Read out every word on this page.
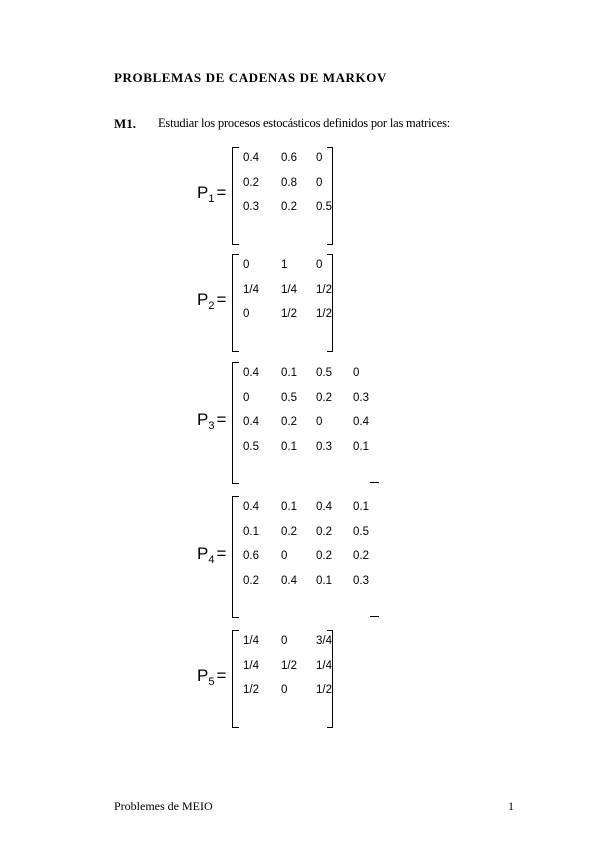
PROBLEMAS DE CADENAS DE MARKOV
M1. Estudiar los procesos estocásticos definidos por las matrices:
$P_1$ =
0.4 0.6 0
0.2 0.8 0
0.3 0.2 0.5
$P_2$ =
0	1 0
1/4 1/4 1/2
0	1/2 1/2
$P_3$ =
0.4 0.1 0.5 0
0	0.5 0.2 0.3
0.4 0.2 0	0.4
0.5 0.1 0.3 0.1
$P_4$ =
0.4 0.1 0.4 0.1
0.1 0.2 0.2 0.5
0.6 0 0.2 0.2
0.2 0.4 0.1 0.3
$P_5$ =
1/4 0 3/4
1/4 1/2 1/4
1/2 0 1/2
Problemes de MEIO	1
